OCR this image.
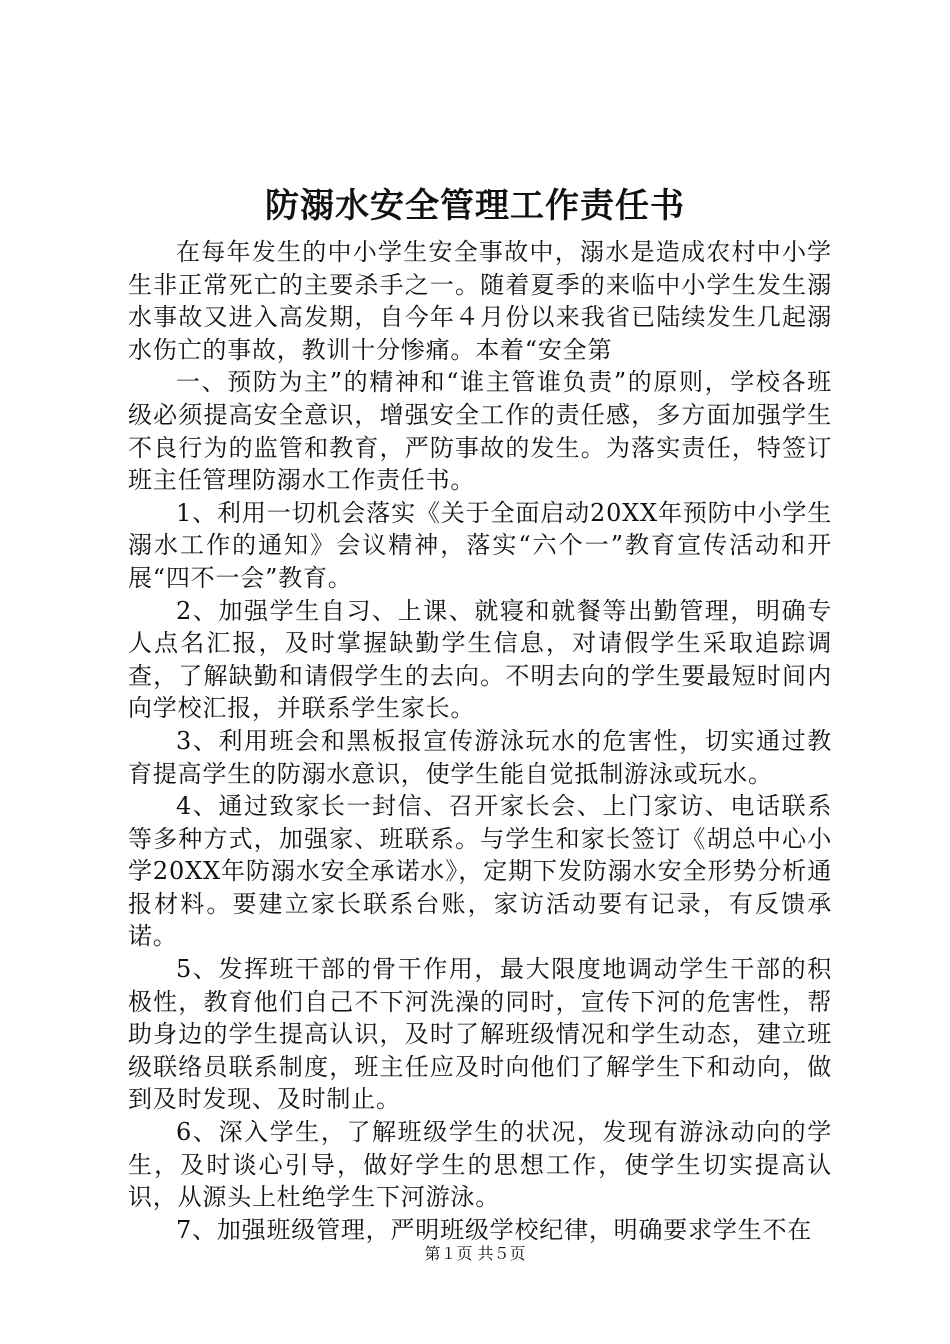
防溺水安全管理工作责任书

在每年发生的中小学生安全事故中，溺水是造成农村中小学生非正常死亡的主要杀手之一。随着夏季的来临中小学生发生溺水事故又进入高发期，自今年４月份以来我省已陆续发生几起溺水伤亡的事故，教训十分惨痛。本着“安全第

一、预防为主”的精神和“谁主管谁负责”的原则，学校各班级必须提高安全意识，增强安全工作的责任感，多方面加强学生不良行为的监管和教育，严防事故的发生。为落实责任，特签订班主任管理防溺水工作责任书。

1、利用一切机会落实《关于全面启动20XX年预防中小学生溺水工作的通知》会议精神，落实“六个一”教育宣传活动和开展“四不一会”教育。

2、加强学生自习、上课、就寝和就餐等出勤管理，明确专人点名汇报，及时掌握缺勤学生信息，对请假学生采取追踪调查，了解缺勤和请假学生的去向。不明去向的学生要最短时间内向学校汇报，并联系学生家长。

3、利用班会和黑板报宣传游泳玩水的危害性，切实通过教育提高学生的防溺水意识，使学生能自觉抵制游泳或玩水。

4、通过致家长一封信、召开家长会、上门家访、电话联系等多种方式，加强家、班联系。与学生和家长签订《胡总中心小学20XX年防溺水安全承诺水》，定期下发防溺水安全形势分析通报材料。要建立家长联系台账，家访活动要有记录，有反馈承诺。

5、发挥班干部的骨干作用，最大限度地调动学生干部的积极性，教育他们自己不下河洗澡的同时，宣传下河的危害性，帮助身边的学生提高认识，及时了解班级情况和学生动态，建立班级联络员联系制度，班主任应及时向他们了解学生下和动向，做到及时发现、及时制止。

6、深入学生，了解班级学生的状况，发现有游泳动向的学生，及时谈心引导，做好学生的思想工作，使学生切实提高认识，从源头上杜绝学生下河游泳。

7、加强班级管理，严明班级学校纪律，明确要求学生不在

第１页 共５页
